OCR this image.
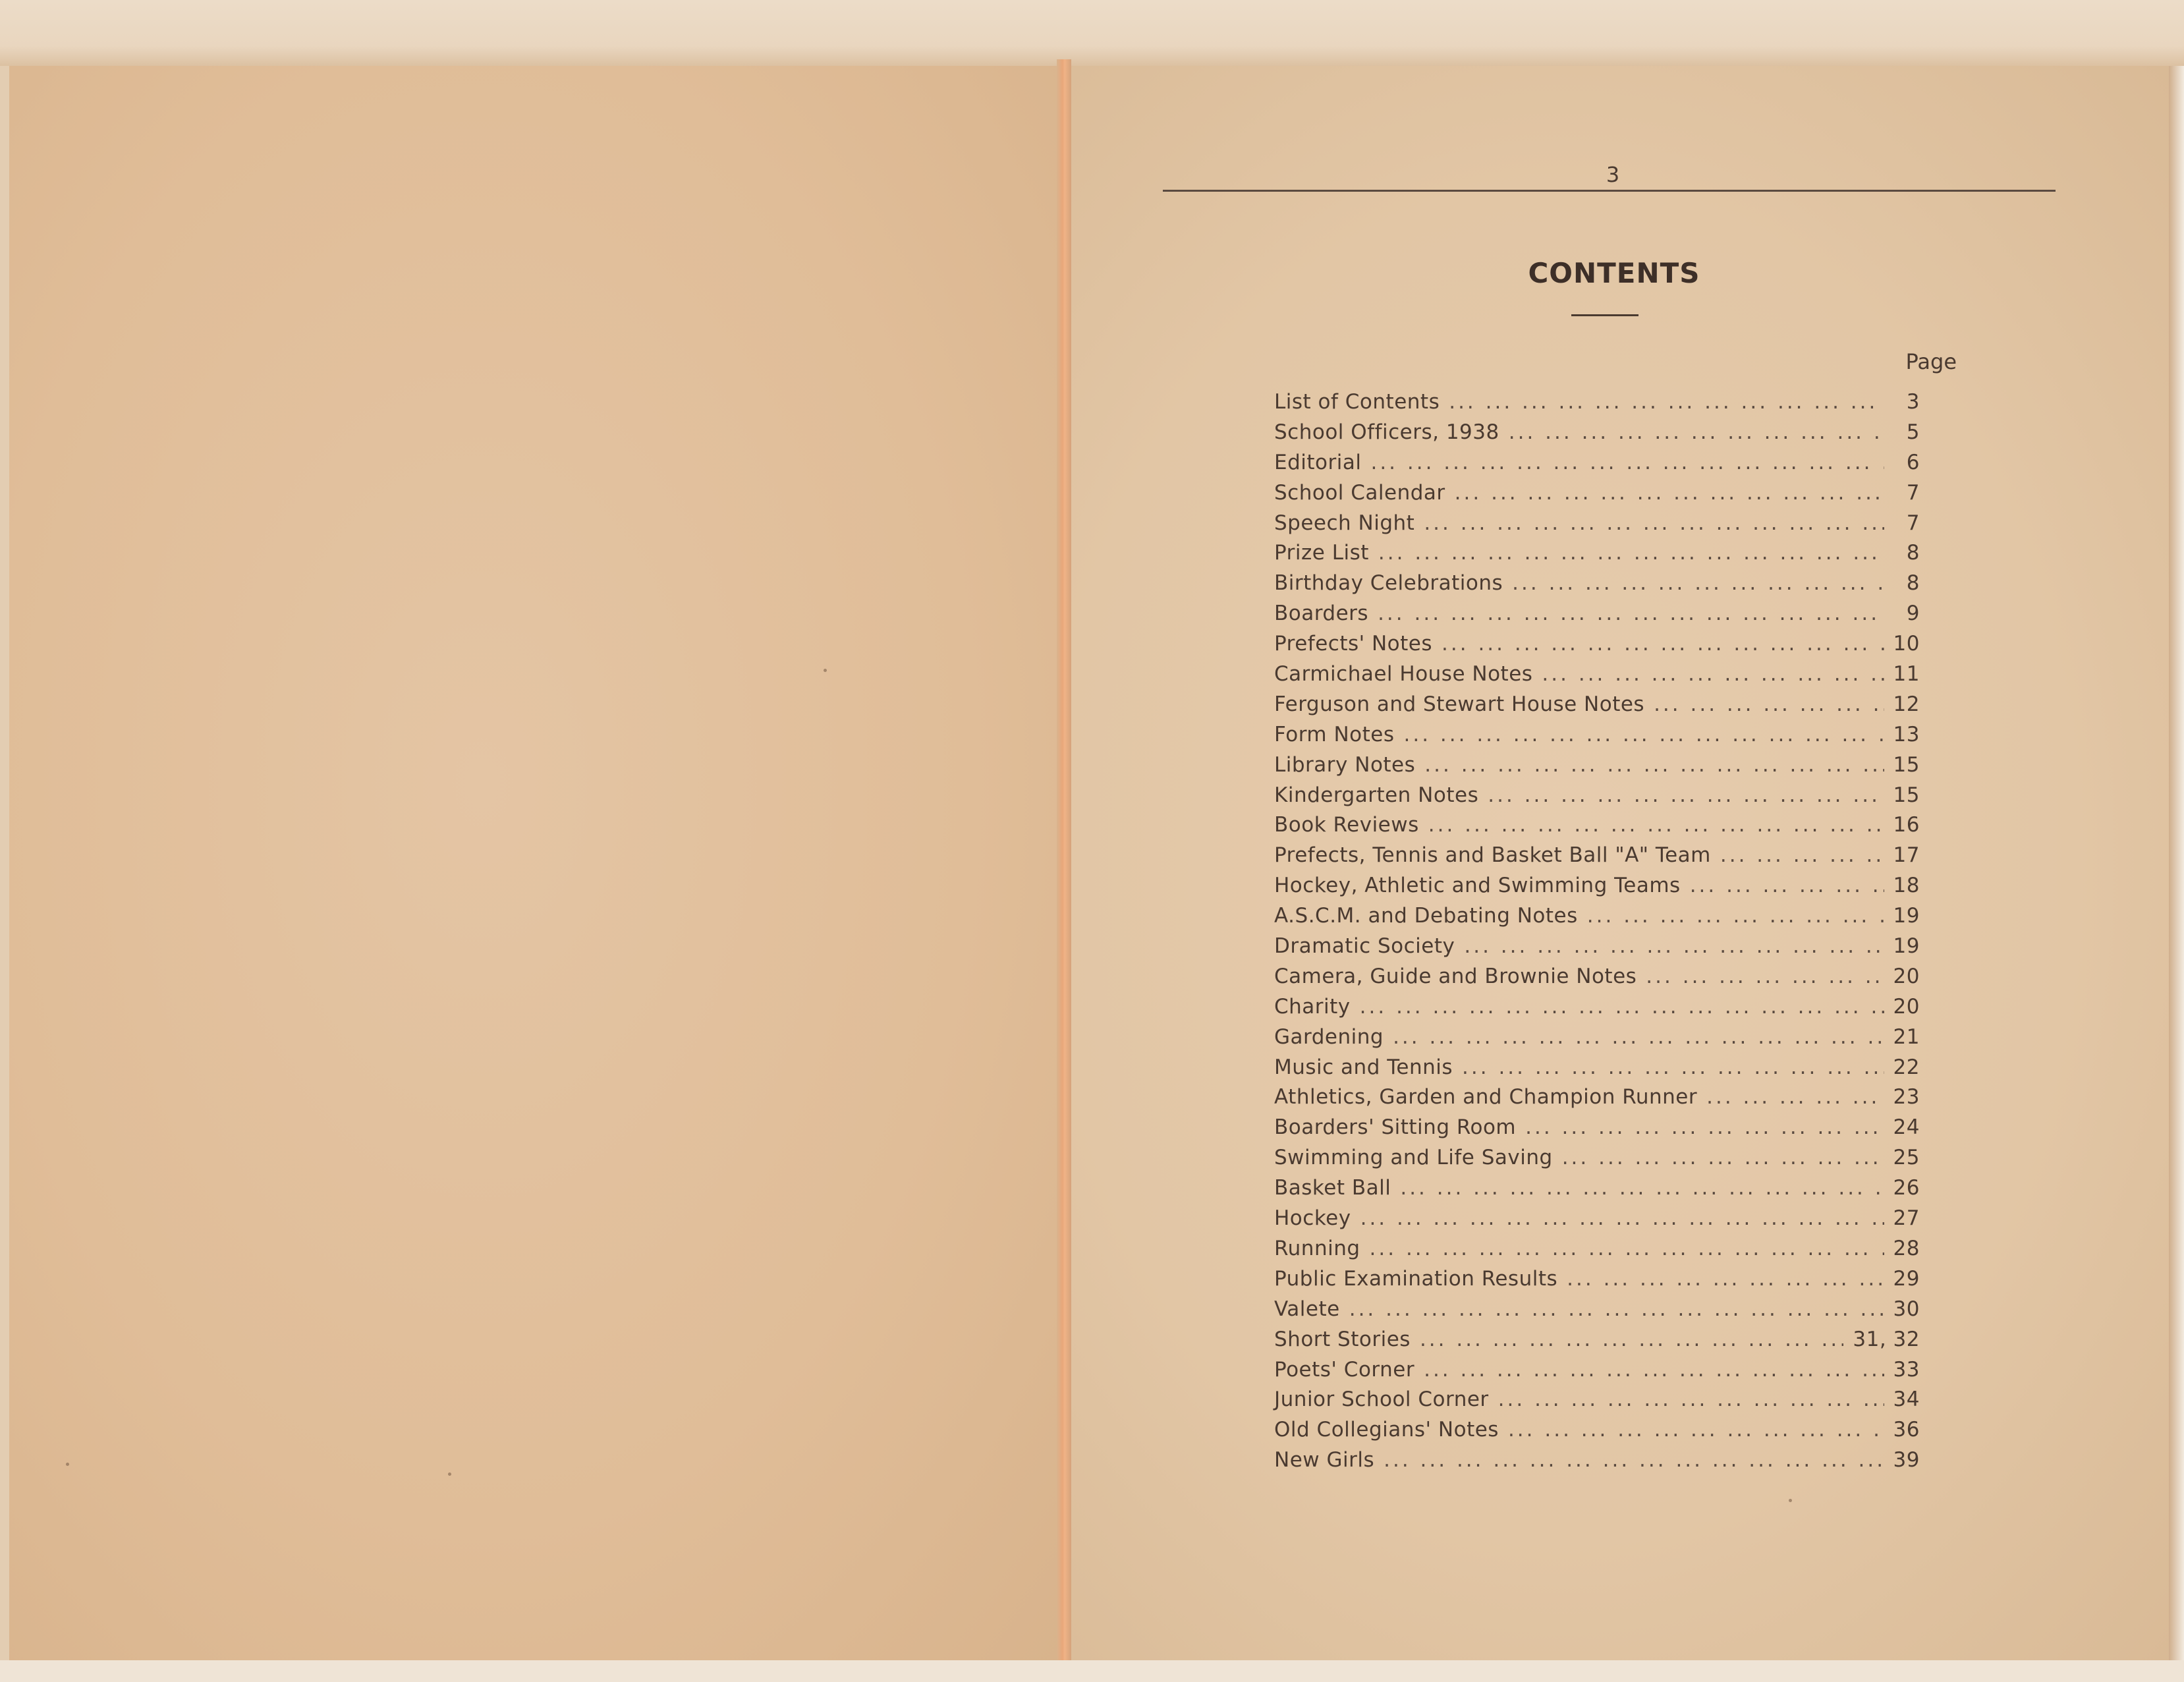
3
CONTENTS
Page
List of Contents ... .	3
School Officers, 1938 ... .	5
Editorial ... .	6
School Calendar ... .	7
Speech Night ... .	7
Prize List ... .	8
Birthday Celebrations ... .	8
Boarders ... .	9
Prefects' Notes ... .	10
Carmichael House Notes ... .	11
Ferguson and Stewart House Notes ... .	12
Form Notes ... .	13
Library Notes ... .	15
Kindergarten Notes ... .	15
Book Reviews ... .	16
Prefects, Tennis and Basket Ball "A" Team ... .	17
Hockey, Athletic and Swimming Teams ... .	18
A.S.C.M. and Debating Notes ... .	19
Dramatic Society ... .	19
Camera, Guide and Brownie Notes ... .	20
Charity ... .	20
Gardening ... .	21
Music and Tennis ... .	22
Athletics, Garden and Champion Runner ... .	23
Boarders' Sitting Room ... .	24
Swimming and Life Saving ... .	25
Basket Ball ... .	26
Hockey ... .	27
Running ... .	28
Public Examination Results ... .	29
Valete ... .	30
Short Stories ... .	31, 32
Poets' Corner ... .	33
Junior School Corner ... .	34
Old Collegians' Notes ... .	36
New Girls ... .	39
